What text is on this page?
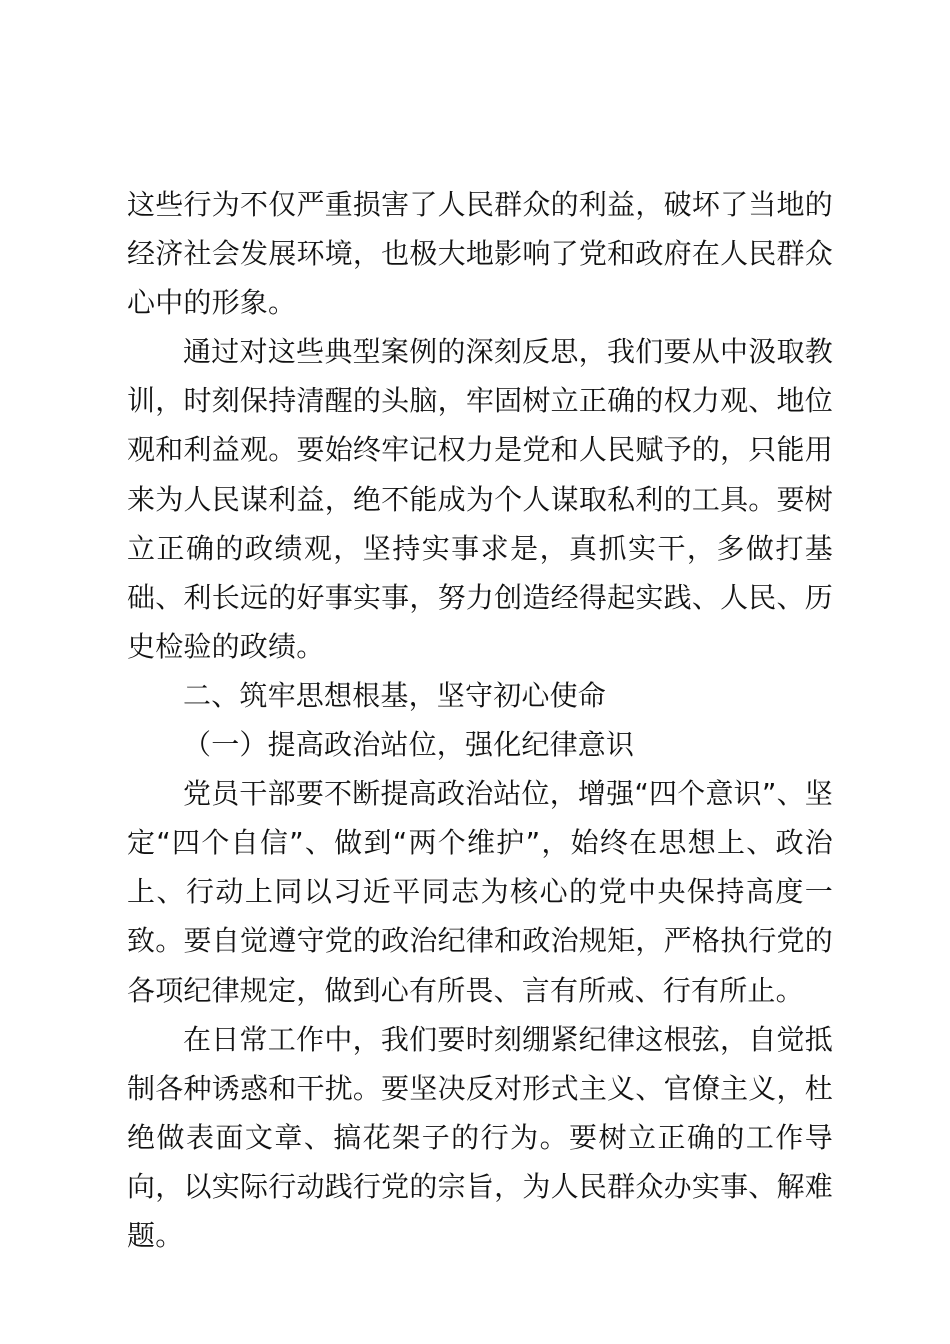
这些行为不仅严重损害了人民群众的利益，破坏了当地的经济社会发展环境，也极大地影响了党和政府在人民群众心中的形象。

通过对这些典型案例的深刻反思，我们要从中汲取教训，时刻保持清醒的头脑，牢固树立正确的权力观、地位观和利益观。要始终牢记权力是党和人民赋予的，只能用来为人民谋利益，绝不能成为个人谋取私利的工具。要树立正确的政绩观，坚持实事求是，真抓实干，多做打基础、利长远的好事实事，努力创造经得起实践、人民、历史检验的政绩。

二、筑牢思想根基，坚守初心使命

（一）提高政治站位，强化纪律意识

党员干部要不断提高政治站位，增强“四个意识”、坚定“四个自信”、做到“两个维护”，始终在思想上、政治上、行动上同以习近平同志为核心的党中央保持高度一致。要自觉遵守党的政治纪律和政治规矩，严格执行党的各项纪律规定，做到心有所畏、言有所戒、行有所止。

在日常工作中，我们要时刻绷紧纪律这根弦，自觉抵制各种诱惑和干扰。要坚决反对形式主义、官僚主义，杜绝做表面文章、搞花架子的行为。要树立正确的工作导向，以实际行动践行党的宗旨，为人民群众办实事、解难题。
